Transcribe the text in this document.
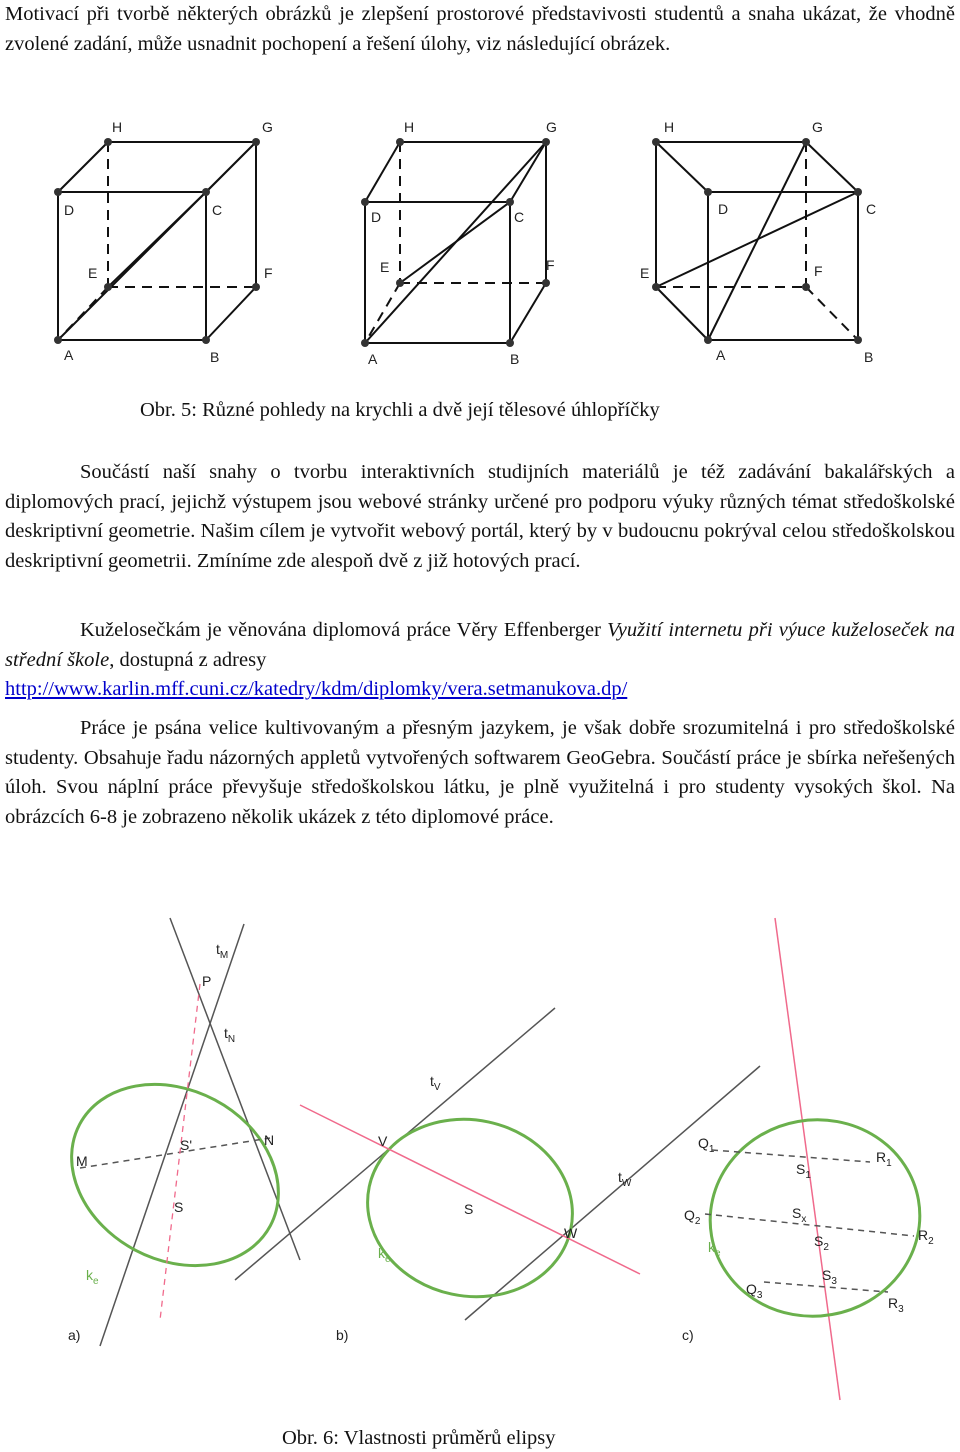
Motivací při tvorbě některých obrázků je zlepšení prostorové představivosti studentů a snaha ukázat, že vhodně zvolené zadání, může usnadnit pochopení a řešení úlohy, viz následující obrázek.

H	G
D	C
E	F
A	B
H	G
D	C
E	F
A	B
H	G
D	C
E	F
A	B
Obr. 5: Různé pohledy na krychli a dvě její tělesové úhlopříčky

Součástí naší snahy o tvorbu interaktivních studijních materiálů je též zadávání bakalářských a diplomových prací, jejichž výstupem jsou webové stránky určené pro podporu výuky různých témat středoškolské deskriptivní geometrie. Našim cílem je vytvořit webový portál, který by v budoucnu pokrýval celou středoškolskou deskriptivní geometrii. Zmíníme zde alespoň dvě z již hotových prací.

Kuželosečkám je věnována diplomová práce Věry Effenberger Využití internetu při výuce kuželoseček na střední škole, dostupná z adresy
http://www.karlin.mff.cuni.cz/katedry/kdm/diplomky/vera.setmanukova.dp/

Práce je psána velice kultivovaným a přesným jazykem, je však dobře srozumitelná i pro středoškolské studenty. Obsahuje řadu názorných appletů vytvořených softwarem GeoGebra. Součástí práce je sbírka neřešených úloh. Svou náplní práce převyšuje středoškolskou látku, je plně využitelná i pro studenty vysokých škol. Na obrázcích 6-8 je zobrazeno několik ukázek z této diplomové práce.

$t_M$
P
$t_N$
M
N
S'
S
$k_e$
a)
$t_V$
$t_W$
V
W
S
$k_e$
b)
$Q_1$	$R_1$
$S_1$
$Q_2$
$R_2$
$S_x$
$S_2$
$S_3$
$Q_3$	$R_3$
$k_e$
c)
Obr. 6: Vlastnosti průměrů elipsy
